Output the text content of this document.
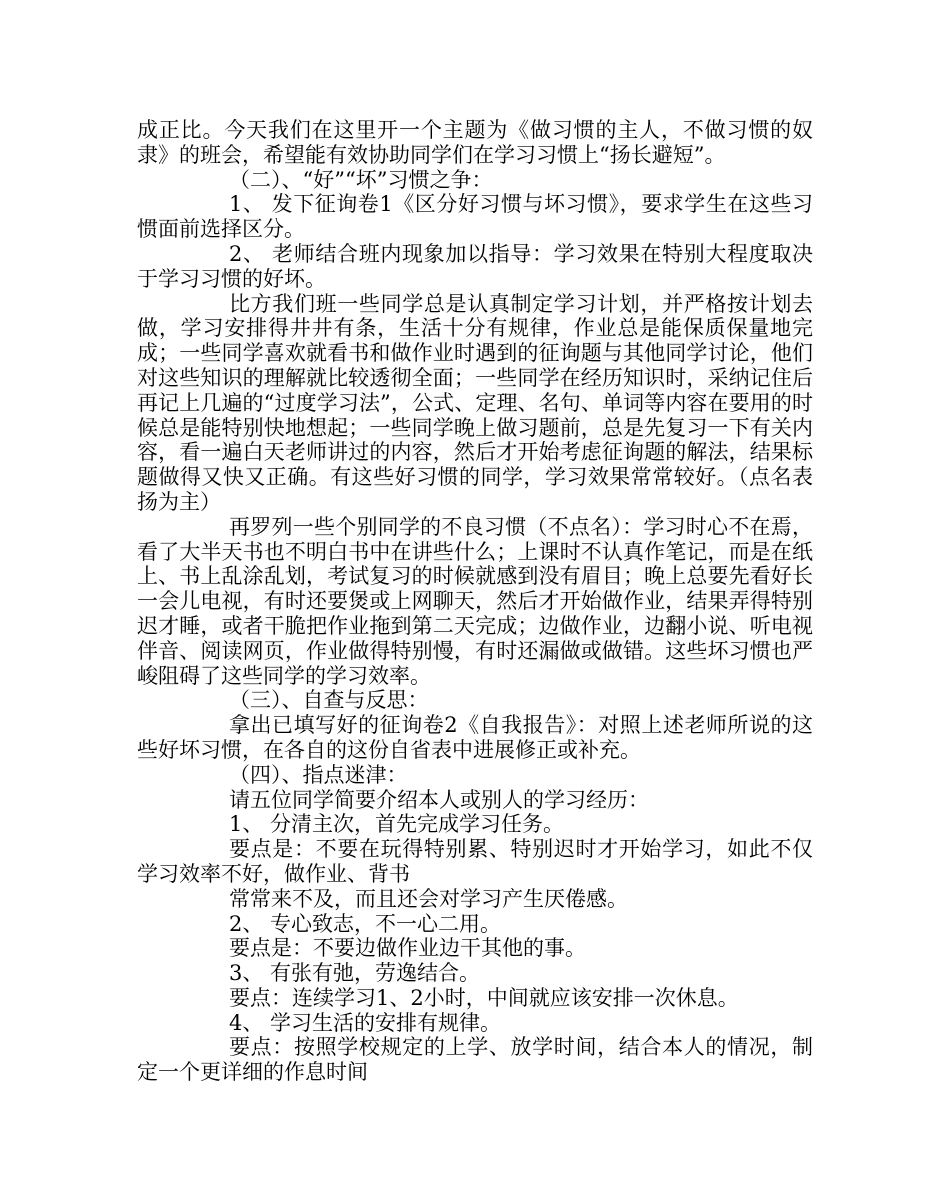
成正比。今天我们在这里开一个主题为《做习惯的主人，不做习惯的奴隶》的班会，希望能有效协助同学们在学习习惯上“扬长避短”。

（二）、“好”“坏”习惯之争：

1、 发下征询卷1《区分好习惯与坏习惯》，要求学生在这些习惯面前选择区分。

2、 老师结合班内现象加以指导：学习效果在特别大程度取决于学习习惯的好坏。

比方我们班一些同学总是认真制定学习计划，并严格按计划去做，学习安排得井井有条，生活十分有规律，作业总是能保质保量地完成；一些同学喜欢就看书和做作业时遇到的征询题与其他同学讨论，他们对这些知识的理解就比较透彻全面；一些同学在经历知识时，采纳记住后再记上几遍的“过度学习法”，公式、定理、名句、单词等内容在要用的时候总是能特别快地想起；一些同学晚上做习题前，总是先复习一下有关内容，看一遍白天老师讲过的内容，然后才开始考虑征询题的解法，结果标题做得又快又正确。有这些好习惯的同学，学习效果常常较好。（点名表扬为主）

再罗列一些个别同学的不良习惯（不点名）：学习时心不在焉，看了大半天书也不明白书中在讲些什么；上课时不认真作笔记，而是在纸上、书上乱涂乱划，考试复习的时候就感到没有眉目；晚上总要先看好长一会儿电视，有时还要煲或上网聊天，然后才开始做作业，结果弄得特别迟才睡，或者干脆把作业拖到第二天完成；边做作业，边翻小说、听电视伴音、阅读网页，作业做得特别慢，有时还漏做或做错。这些坏习惯也严峻阻碍了这些同学的学习效率。

（三）、自查与反思：

拿出已填写好的征询卷2《自我报告》：对照上述老师所说的这些好坏习惯，在各自的这份自省表中进展修正或补充。

（四）、指点迷津：

请五位同学简要介绍本人或别人的学习经历：

1、 分清主次，首先完成学习任务。

要点是：不要在玩得特别累、特别迟时才开始学习，如此不仅学习效率不好，做作业、背书

常常来不及，而且还会对学习产生厌倦感。

2、 专心致志，不一心二用。

要点是：不要边做作业边干其他的事。

3、 有张有弛，劳逸结合。

要点：连续学习1、2小时，中间就应该安排一次休息。

4、 学习生活的安排有规律。

要点：按照学校规定的上学、放学时间，结合本人的情况，制定一个更详细的作息时间
